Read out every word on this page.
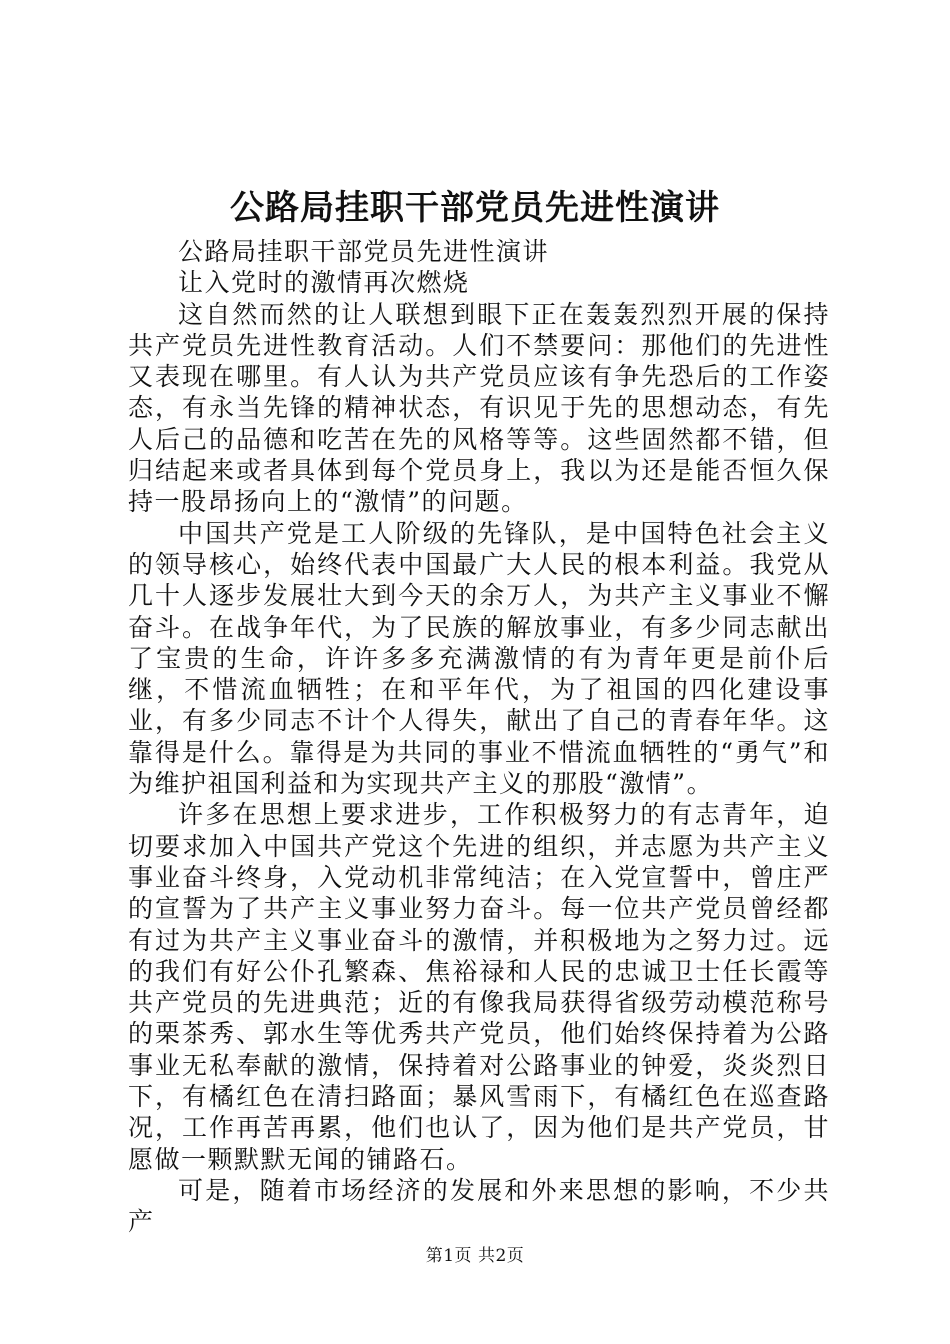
公路局挂职干部党员先进性演讲

公路局挂职干部党员先进性演讲

让入党时的激情再次燃烧

这自然而然的让人联想到眼下正在轰轰烈烈开展的保持共产党员先进性教育活动。人们不禁要问：那他们的先进性又表现在哪里。有人认为共产党员应该有争先恐后的工作姿态，有永当先锋的精神状态，有识见于先的思想动态，有先人后己的品德和吃苦在先的风格等等。这些固然都不错，但归结起来或者具体到每个党员身上，我以为还是能否恒久保持一股昂扬向上的“激情”的问题。

中国共产党是工人阶级的先锋队，是中国特色社会主义的领导核心，始终代表中国最广大人民的根本利益。我党从几十人逐步发展壮大到今天的余万人，为共产主义事业不懈奋斗。在战争年代，为了民族的解放事业，有多少同志献出了宝贵的生命，许许多多充满激情的有为青年更是前仆后继，不惜流血牺牲；在和平年代，为了祖国的四化建设事业，有多少同志不计个人得失，献出了自己的青春年华。这靠得是什么。靠得是为共同的事业不惜流血牺牲的“勇气”和为维护祖国利益和为实现共产主义的那股“激情”。

许多在思想上要求进步，工作积极努力的有志青年，迫切要求加入中国共产党这个先进的组织，并志愿为共产主义事业奋斗终身，入党动机非常纯洁；在入党宣誓中，曾庄严的宣誓为了共产主义事业努力奋斗。每一位共产党员曾经都有过为共产主义事业奋斗的激情，并积极地为之努力过。远的我们有好公仆孔繁森、焦裕禄和人民的忠诚卫士任长霞等共产党员的先进典范；近的有像我局获得省级劳动模范称号的栗茶秀、郭水生等优秀共产党员，他们始终保持着为公路事业无私奉献的激情，保持着对公路事业的钟爱，炎炎烈日下，有橘红色在清扫路面；暴风雪雨下，有橘红色在巡查路况，工作再苦再累，他们也认了，因为他们是共产党员，甘愿做一颗默默无闻的铺路石。

可是，随着市场经济的发展和外来思想的影响，不少共产

第1页 共2页
